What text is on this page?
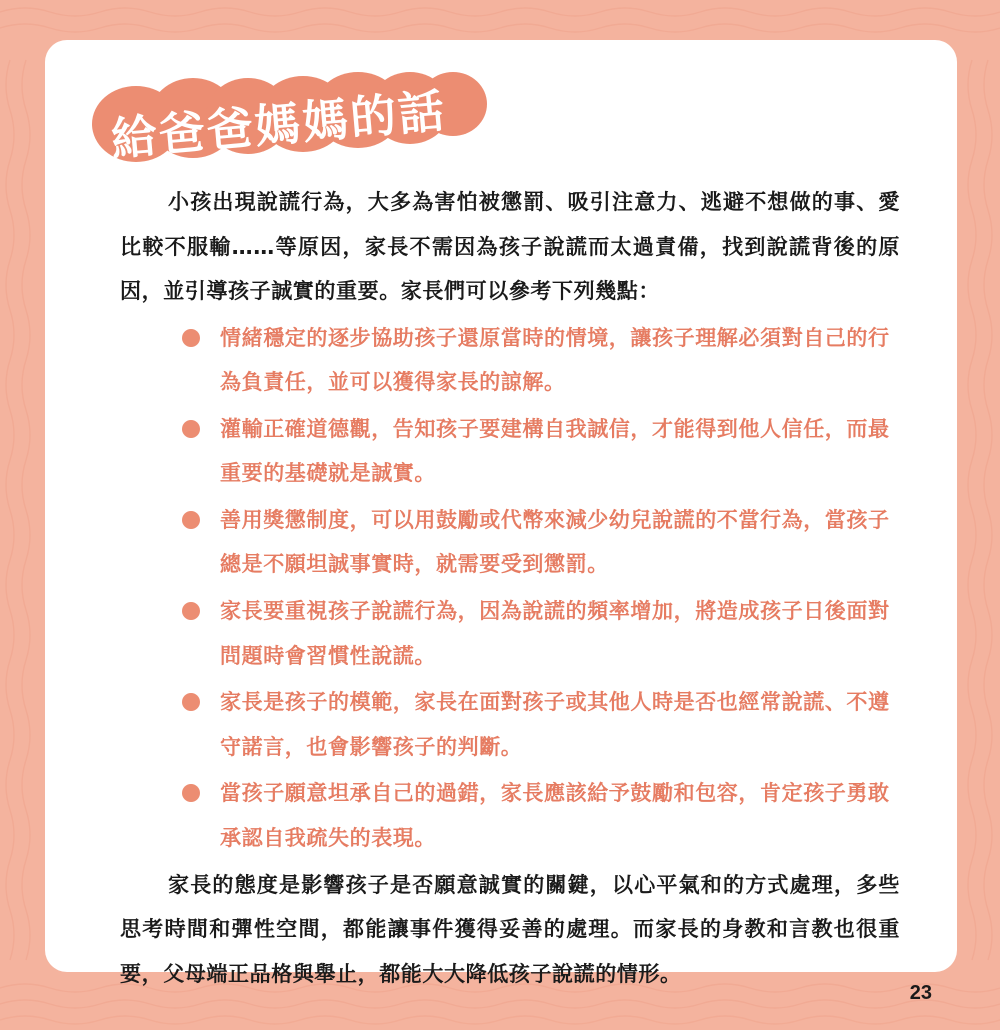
給爸爸媽媽的話

小孩出現說謊行為，大多為害怕被懲罰、吸引注意力、逃避不想做的事、愛比較不服輸……等原因，家長不需因為孩子說謊而太過責備，找到說謊背後的原因，並引導孩子誠實的重要。家長們可以參考下列幾點：

情緒穩定的逐步協助孩子還原當時的情境，讓孩子理解必須對自己的行為負責任，並可以獲得家長的諒解。
灌輸正確道德觀，告知孩子要建構自我誠信，才能得到他人信任，而最重要的基礎就是誠實。
善用獎懲制度，可以用鼓勵或代幣來減少幼兒說謊的不當行為，當孩子總是不願坦誠事實時，就需要受到懲罰。
家長要重視孩子說謊行為，因為說謊的頻率增加，將造成孩子日後面對問題時會習慣性說謊。
家長是孩子的模範，家長在面對孩子或其他人時是否也經常說謊、不遵守諾言，也會影響孩子的判斷。
當孩子願意坦承自己的過錯，家長應該給予鼓勵和包容，肯定孩子勇敢承認自我疏失的表現。

家長的態度是影響孩子是否願意誠實的關鍵，以心平氣和的方式處理，多些思考時間和彈性空間，都能讓事件獲得妥善的處理。而家長的身教和言教也很重要，父母端正品格與舉止，都能大大降低孩子說謊的情形。

23
